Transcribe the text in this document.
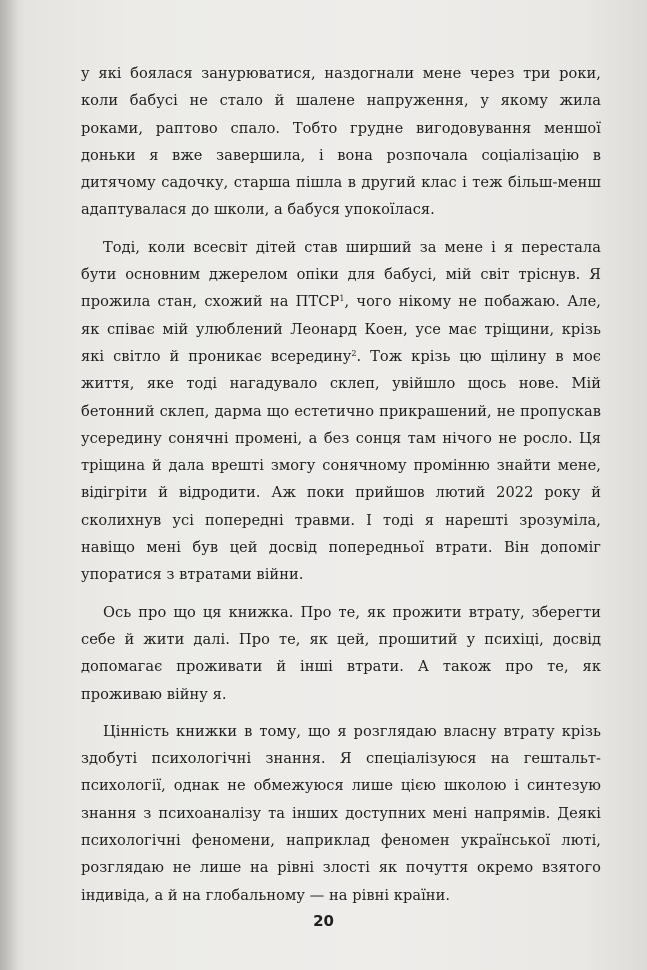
у які боялася занурюватися, наздогнали мене через три роки, коли бабусі не стало й шалене напруження, у якому жила роками, раптово спало. Тобто грудне вигодовування меншої доньки я вже завершила, і вона розпочала соціалізацію в дитячому садочку, старша пішла в другий клас і теж більш-менш адаптувалася до школи, а бабуся упокоїлася.

Тоді, коли всесвіт дітей став ширший за мене і я перестала бути основним джерелом опіки для бабусі, мій світ тріснув. Я прожила стан, схожий на ПТСР$^1$, чого нікому не побажаю. Але, як співає мій улюблений Леонард Коен, усе має тріщини, крізь які світло й проникає всередину$^2$. Тож крізь цю щілину в моє життя, яке тоді нагадувало склеп, увійшло щось нове. Мій бетонний склеп, дарма що естетично прикрашений, не пропускав усередину сонячні промені, а без сонця там нічого не росло. Ця тріщина й дала врешті змогу сонячному промінню знайти мене, відігріти й відродити. Аж поки прийшов лютий 2022 року й сколихнув усі попередні травми. І тоді я нарешті зрозуміла, навіщо мені був цей досвід попередньої втрати. Він допоміг упоратися з втратами війни.

Ось про що ця книжка. Про те, як прожити втрату, зберегти себе й жити далі. Про те, як цей, прошитий у психіці, досвід допомагає проживати й інші втрати. А також про те, як проживаю війну я.

Цінність книжки в тому, що я розглядаю власну втрату крізь здобуті психологічні знання. Я спеціалізуюся на гештальт-психології, однак не обмежуюся лише цією школою і синтезую знання з психоаналізу та інших доступних мені напрямів. Деякі психологічні феномени, наприклад феномен української люті, розглядаю не лише на рівні злості як почуття окремо взятого індивіда, а й на глобальному — на рівні країни.

20
